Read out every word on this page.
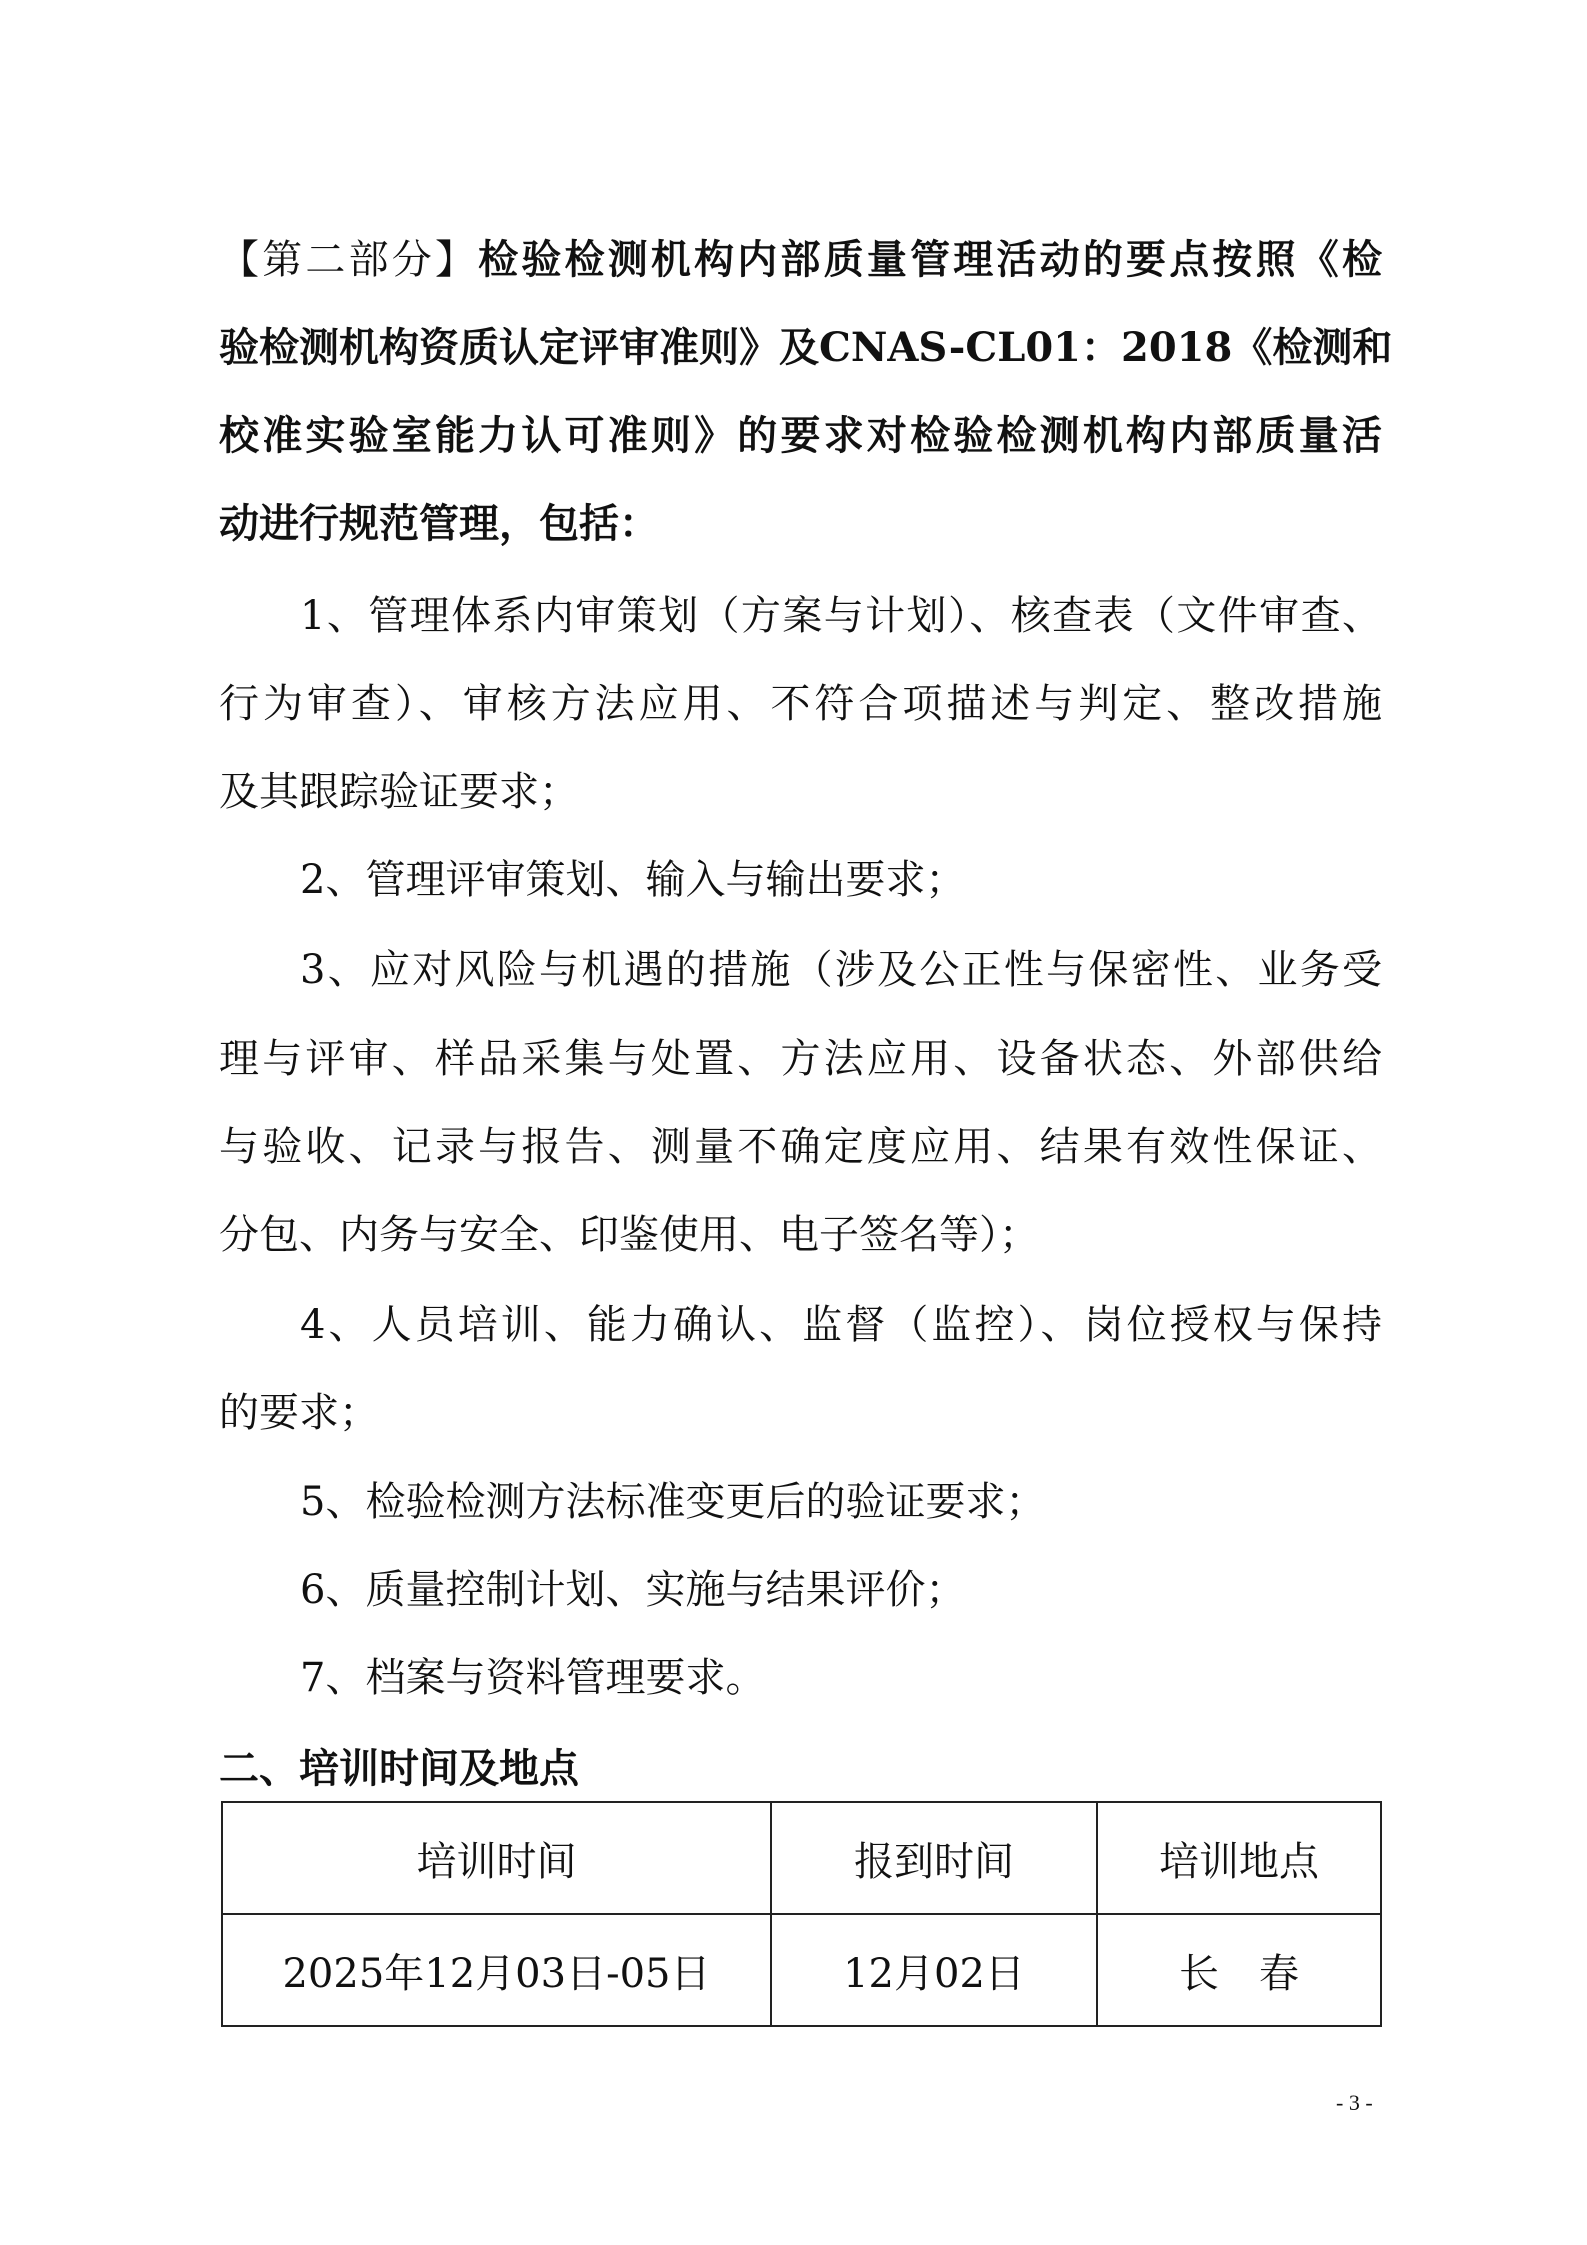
【第二部分】检验检测机构内部质量管理活动的要点按照《检
验检测机构资质认定评审准则》及CNAS-CL01：2018《检测和
校准实验室能力认可准则》的要求对检验检测机构内部质量活
动进行规范管理，包括：
1、管理体系内审策划（方案与计划）、核查表（文件审查、
行为审查）、审核方法应用、不符合项描述与判定、整改措施
及其跟踪验证要求；
2、管理评审策划、输入与输出要求；
3、应对风险与机遇的措施（涉及公正性与保密性、业务受
理与评审、样品采集与处置、方法应用、设备状态、外部供给
与验收、记录与报告、测量不确定度应用、结果有效性保证、
分包、内务与安全、印鉴使用、电子签名等）；
4、人员培训、能力确认、监督（监控）、岗位授权与保持
的要求；
5、检验检测方法标准变更后的验证要求；
6、质量控制计划、实施与结果评价；
7、档案与资料管理要求。
二、培训时间及地点
培训时间	报到时间	培训地点
2025年12月03日-05日	12月02日	长　春
- 3 -
